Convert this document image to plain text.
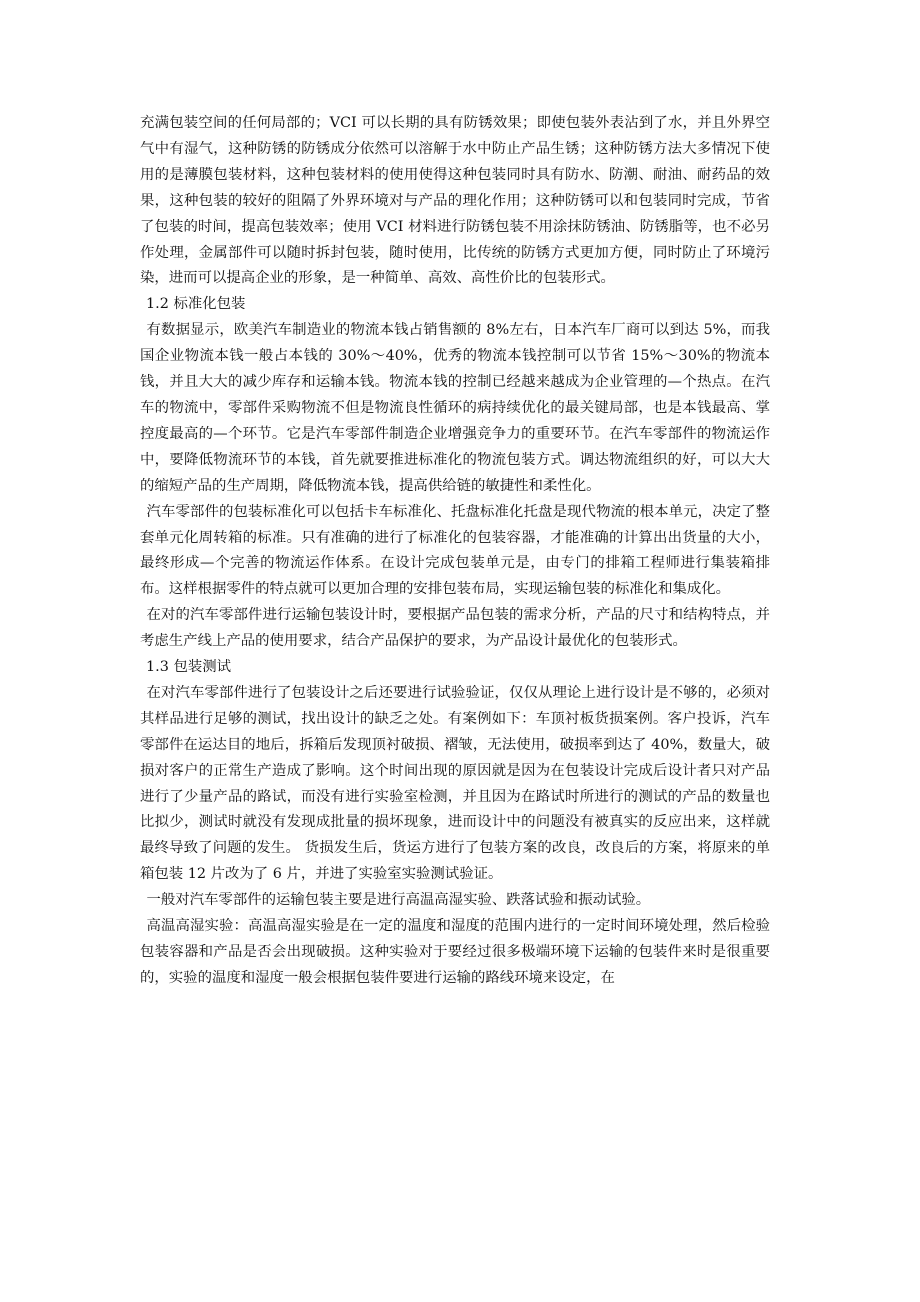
充满包装空间的任何局部的；VCI 可以长期的具有防锈效果；即使包装外表沾到了水，并且外界空气中有湿气，这种防锈的防锈成分依然可以溶解于水中防止产品生锈；这种防锈方法大多情况下使用的是薄膜包装材料，这种包装材料的使用使得这种包装同时具有防水、防潮、耐油、耐药品的效果，这种包装的较好的阻隔了外界环境对与产品的理化作用；这种防锈可以和包装同时完成，节省了包装的时间，提高包装效率；使用 VCI 材料进行防锈包装不用涂抹防锈油、防锈脂等，也不必另作处理，金属部件可以随时拆封包装，随时使用，比传统的防锈方式更加方便，同时防止了环境污染，进而可以提高企业的形象，是一种简单、高效、高性价比的包装形式。

1.2 标准化包装

有数据显示，欧美汽车制造业的物流本钱占销售额的 8%左右，日本汽车厂商可以到达 5%，而我国企业物流本钱一般占本钱的 30%～40%，优秀的物流本钱控制可以节省 15%～30%的物流本钱，并且大大的减少库存和运输本钱。物流本钱的控制已经越来越成为企业管理的—个热点。在汽车的物流中，零部件采购物流不但是物流良性循环的病持续优化的最关键局部，也是本钱最高、掌控度最高的—个环节。它是汽车零部件制造企业增强竞争力的重要环节。在汽车零部件的物流运作中，要降低物流环节的本钱，首先就要推进标准化的物流包装方式。调达物流组织的好，可以大大的缩短产品的生产周期，降低物流本钱，提高供给链的敏捷性和柔性化。

汽车零部件的包装标准化可以包括卡车标准化、托盘标准化托盘是现代物流的根本单元，决定了整套单元化周转箱的标准。只有准确的进行了标准化的包装容器，才能准确的计算出出货量的大小，最终形成—个完善的物流运作体系。在设计完成包装单元是，由专门的排箱工程师进行集装箱排布。这样根据零件的特点就可以更加合理的安排包装布局，实现运输包装的标准化和集成化。

在对的汽车零部件进行运输包装设计时，要根据产品包装的需求分析，产品的尺寸和结构特点，并考虑生产线上产品的使用要求，结合产品保护的要求，为产品设计最优化的包装形式。

1.3 包装测试

在对汽车零部件进行了包装设计之后还要进行试验验证，仅仅从理论上进行设计是不够的，必须对其样品进行足够的测试，找出设计的缺乏之处。有案例如下：车顶衬板货损案例。客户投诉，汽车零部件在运达目的地后，拆箱后发现顶衬破损、褶皱，无法使用，破损率到达了 40%，数量大，破损对客户的正常生产造成了影响。这个时间出现的原因就是因为在包装设计完成后设计者只对产品进行了少量产品的路试，而没有进行实验室检测，并且因为在路试时所进行的测试的产品的数量也比拟少，测试时就没有发现成批量的损坏现象，进而设计中的问题没有被真实的反应出来，这样就最终导致了问题的发生。 货损发生后，货运方进行了包装方案的改良，改良后的方案，将原来的单箱包装 12 片改为了 6 片，并进了实验室实验测试验证。

一般对汽车零部件的运输包装主要是进行高温高湿实验、跌落试验和振动试验。

高温高湿实验：高温高湿实验是在一定的温度和湿度的范围内进行的一定时间环境处理，然后检验包装容器和产品是否会出现破损。这种实验对于要经过很多极端环境下运输的包装件来时是很重要的，实验的温度和湿度一般会根据包装件要进行运输的路线环境来设定，在
